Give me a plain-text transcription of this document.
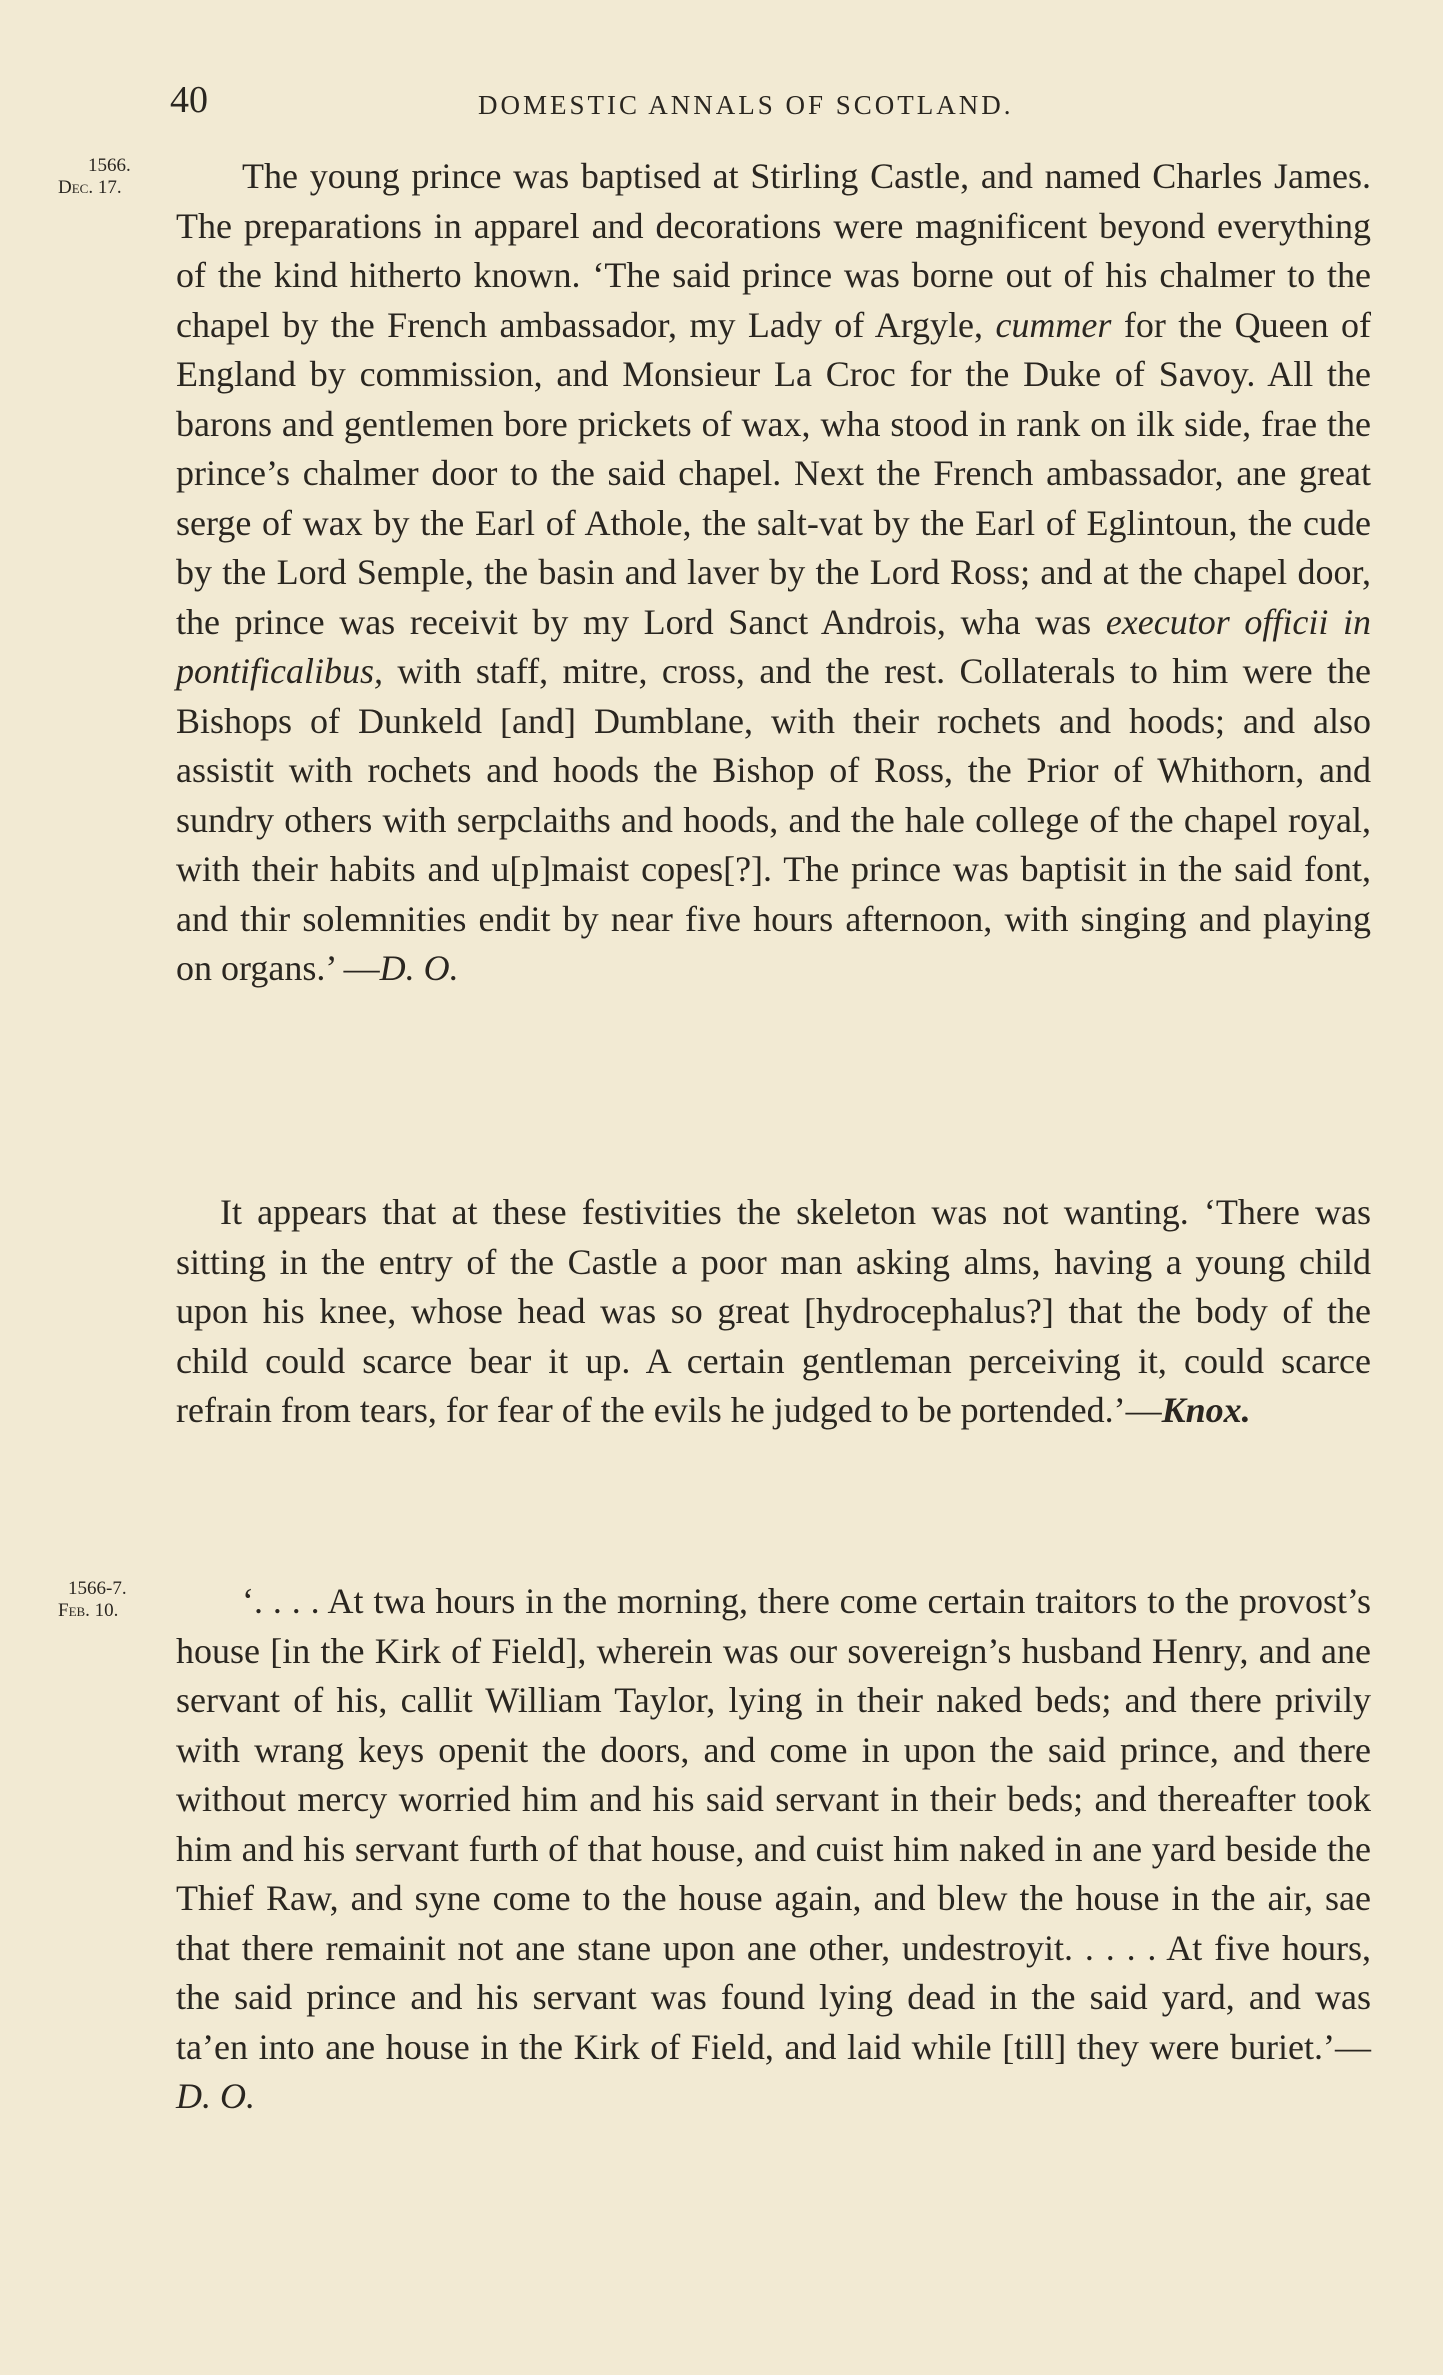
40	DOMESTIC ANNALS OF SCOTLAND.
1566.
Dec. 17.	The young prince was baptised at Stirling Castle, and named Charles James. The preparations in apparel and decorations were magnificent beyond everything of the kind hitherto known. ‘The said prince was borne out of his chalmer to the chapel by the French ambassador, my Lady of Argyle, cummer for the Queen of England by commission, and Monsieur La Croc for the Duke of Savoy. All the barons and gentlemen bore prickets of wax, wha stood in rank on ilk side, frae the prince’s chalmer door to the said chapel. Next the French ambassador, ane great serge of wax by the Earl of Athole, the salt-vat by the Earl of Eglintoun, the cude by the Lord Semple, the basin and laver by the Lord Ross; and at the chapel door, the prince was receivit by my Lord Sanct Androis, wha was executor officii in pontificalibus, with staff, mitre, cross, and the rest. Collaterals to him were the Bishops of Dunkeld [and] Dumblane, with their rochets and hoods; and also assistit with rochets and hoods the Bishop of Ross, the Prior of Whithorn, and sundry others with serpclaiths and hoods, and the hale college of the chapel royal, with their habits and u[p]maist copes[?]. The prince was baptisit in the said font, and thir solemnities endit by near five hours afternoon, with singing and playing on organs.’ —D. O.

It appears that at these festivities the skeleton was not wanting. ‘There was sitting in the entry of the Castle a poor man asking alms, having a young child upon his knee, whose head was so great [hydrocephalus?] that the body of the child could scarce bear it up. A certain gentleman perceiving it, could scarce refrain from tears, for fear of the evils he judged to be portended.’—Knox.

1566-7.
Feb. 10.	‘. . . . At twa hours in the morning, there come certain traitors to the provost’s house [in the Kirk of Field], wherein was our sovereign’s husband Henry, and ane servant of his, callit William Taylor, lying in their naked beds; and there privily with wrang keys openit the doors, and come in upon the said prince, and there without mercy worried him and his said servant in their beds; and thereafter took him and his servant furth of that house, and cuist him naked in ane yard beside the Thief Raw, and syne come to the house again, and blew the house in the air, sae that there remainit not ane stane upon ane other, undestroyit. . . . . At five hours, the said prince and his servant was found lying dead in the said yard, and was ta’en into ane house in the Kirk of Field, and laid while [till] they were buriet.’—D. O.
